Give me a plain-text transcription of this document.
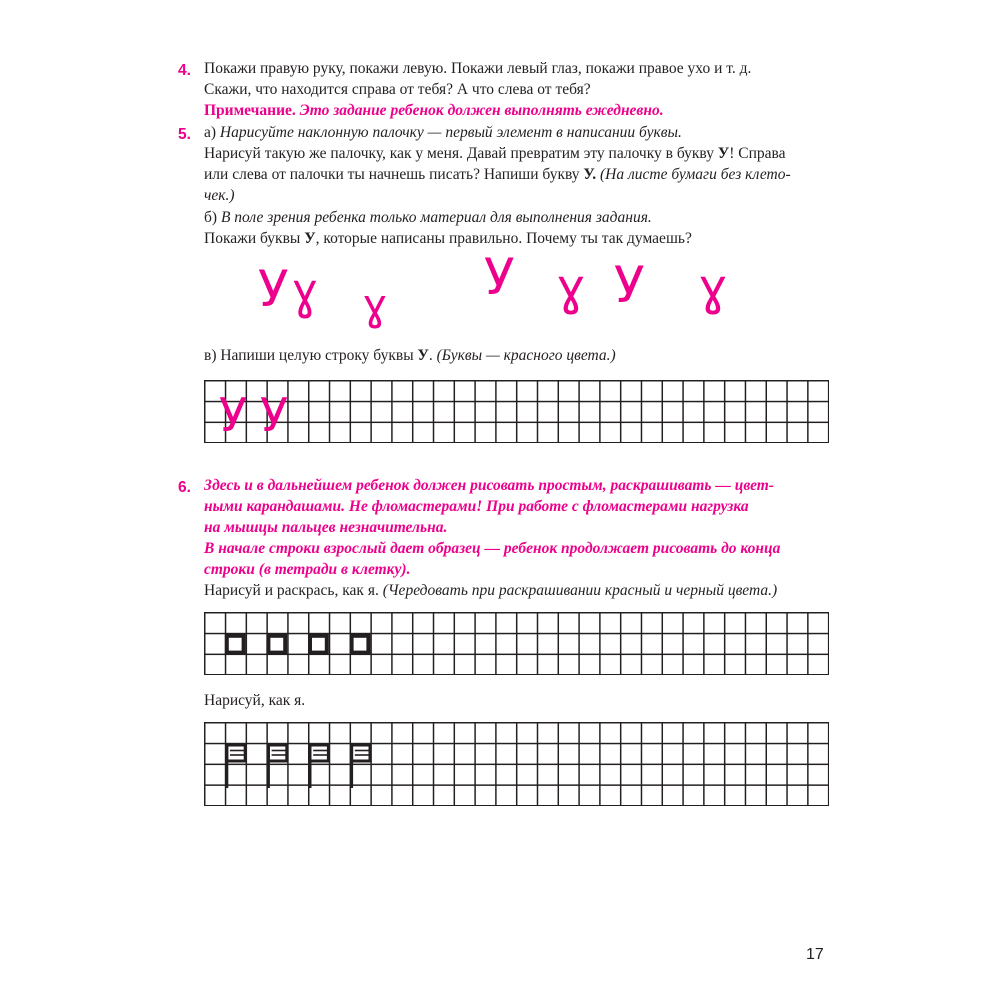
4. Покажи правую руку, покажи левую. Покажи левый глаз, покажи правое ухо и т. д.
Скажи, что находится справа от тебя? А что слева от тебя?
Примечание. Это задание ребенок должен выполнять ежедневно.
5. а) Нарисуйте наклонную палочку — первый элемент в написании буквы.
Нарисуй такую же палочку, как у меня. Давай превратим эту палочку в букву У! Справа
или слева от палочки ты начнешь писать? Напиши букву У. (На листе бумаги без клето-
чек.)
б) В поле зрения ребенка только материал для выполнения задания.
Покажи буквы У, которые написаны правильно. Почему ты так думаешь?
У ɣ ɣ У ɣ У ɣ
в) Напиши целую строку буквы У. (Буквы — красного цвета.)
У У
6. Здесь и в дальнейшем ребенок должен рисовать простым, раскрашивать — цвет-
ными карандашами. Не фломастерами! При работе с фломастерами нагрузка
на мышцы пальцев незначительна.
В начале строки взрослый дает образец — ребенок продолжает рисовать до конца
строки (в тетради в клетку).
Нарисуй и раскрась, как я. (Чередовать при раскрашивании красный и черный цвета.)
Нарисуй, как я.
17
